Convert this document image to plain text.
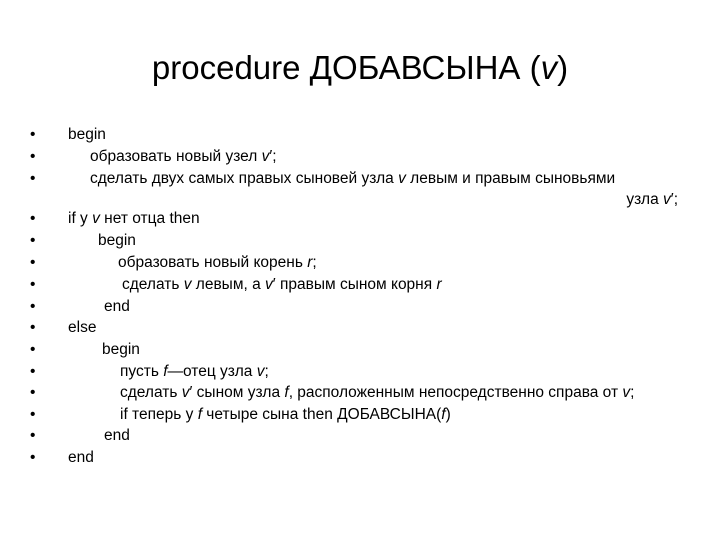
procedure ДОБАВСЫНА (v)
• begin
•	образовать новый узел v′;
•	сделать двух самых правых сыновей узла v левым и правым сыновьями
узла v′;
• if у v нет отца then
•	begin
•	образовать новый корень r;
•	сделать v левым, а v′ правым сыном корня r
•	end
• else
•	begin
•	пусть f—отец узла v;
•	сделать v′ сыном узла f, расположенным непосредственно справа от v;
•	if теперь у f четыре сына then ДОБАВСЫНА(f)
•	end
• end
